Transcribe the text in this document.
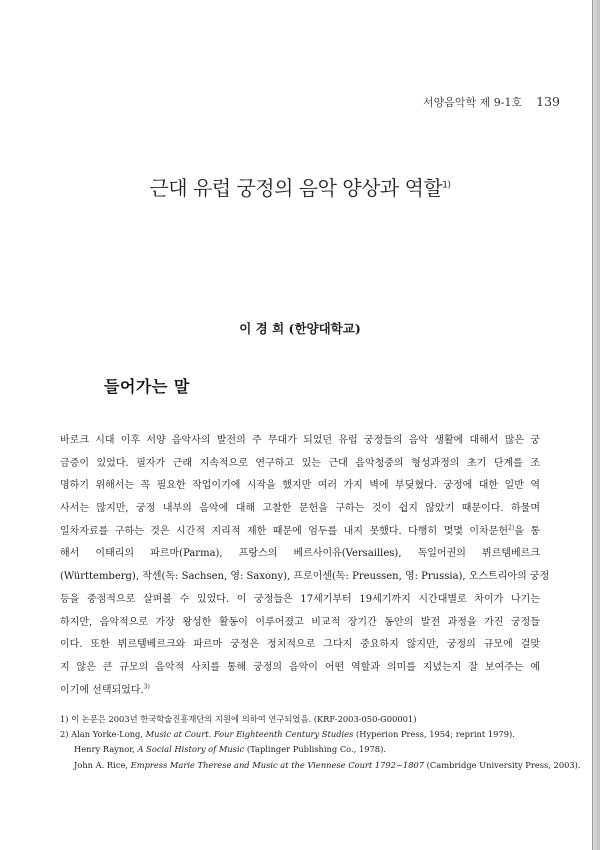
서양음악학 제 9-1호 139
근대 유럽 궁정의 음악 양상과 역할$^{1)}$
이 경 희 (한양대학교)
들어가는 말
바로크 시대 이후 서양 음악사의 발전의 주 무대가 되었던 유럽 궁정들의 음악 생활에 대해서 많은 궁
금증이 있었다. 필자가 근래 지속적으로 연구하고 있는 근대 음악청중의 형성과정의 초기 단계를 조
명하기 위해서는 꼭 필요한 작업이기에 시작을 했지만 여러 가지 벽에 부딪혔다. 궁정에 대한 일반 역
사서는 많지만, 궁정 내부의 음악에 대해 고찰한 문헌을 구하는 것이 쉽지 않았기 때문이다. 하물며
일차자료를 구하는 것은 시간적 지리적 제한 때문에 엄두를 내지 못했다. 다행히 몇몇 이차문헌$^{2)}$을 통
해서 이태리의 파르마(Parma), 프랑스의 베르사이유(Versailles), 독일어권의 뷔르템베르크
(Württemberg), 작센(독: Sachsen, 영: Saxony), 프로이센(독: Preussen, 영: Prussia), 오스트리아의 궁정
등을 중점적으로 살펴볼 수 있었다. 이 궁정들은 17세기부터 19세기까지 시간대별로 차이가 나기는
하지만, 음악적으로 가장 왕성한 활동이 이루어졌고 비교적 장기간 동안의 발전 과정을 가진 궁정들
이다. 또한 뷔르템베르크와 파르마 궁정은 정치적으로 그다지 중요하지 않지만, 궁정의 규모에 걸맞
지 않은 큰 규모의 음악적 사치를 통해 궁정의 음악이 어떤 역할과 의미를 지녔는지 잘 보여주는 예
이기에 선택되었다.$^{3)}$
1) 이 논문은 2003년 한국학술진흥재단의 지원에 의하여 연구되었음. (KRF-2003-050-G00001)
2) Alan Yorke-Long, Music at Court. Four Eighteenth Century Studies (Hyperion Press, 1954; reprint 1979).
Henry Raynor, A Social History of Music (Taplinger Publishing Co., 1978).
John A. Rice, Empress Marie Therese and Music at the Viennese Court 1792~1807 (Cambridge University Press, 2003).
